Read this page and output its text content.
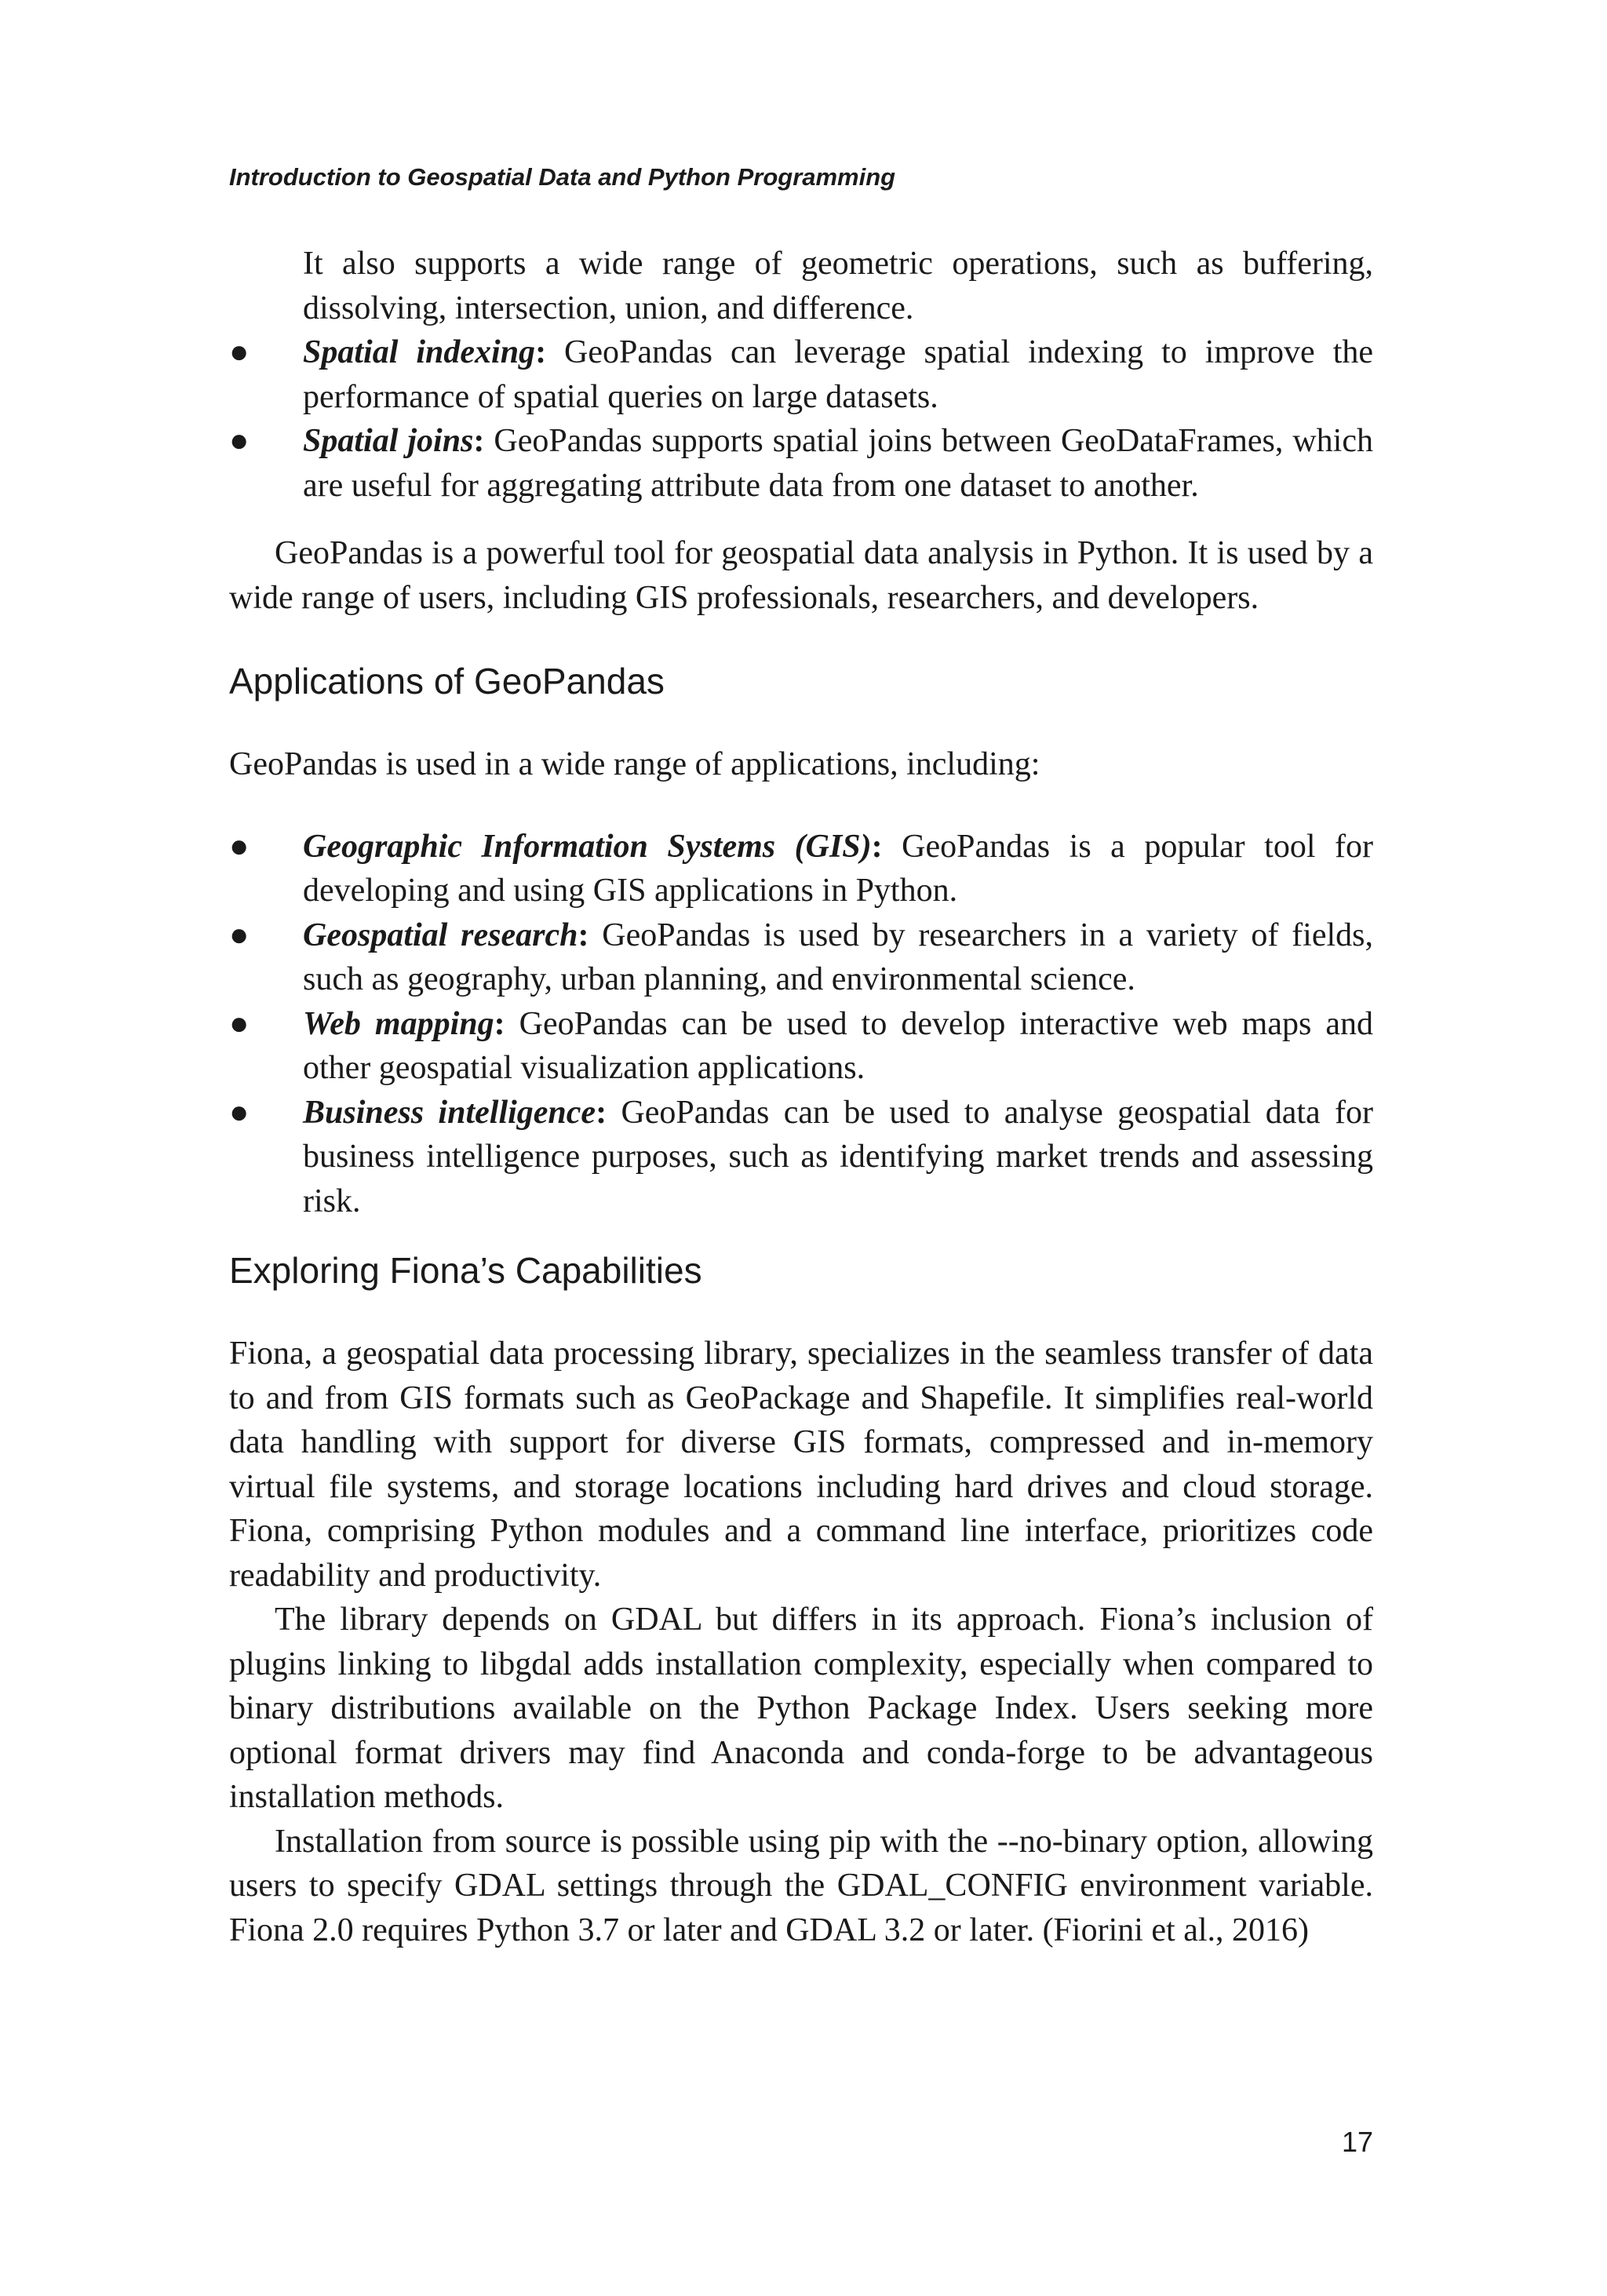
Introduction to Geospatial Data and Python Programming

It also supports a wide range of geometric operations, such as buffering, dissolving, intersection, union, and difference.

● Spatial indexing: GeoPandas can leverage spatial indexing to improve the performance of spatial queries on large datasets.
● Spatial joins: GeoPandas supports spatial joins between GeoDataFrames, which are useful for aggregating attribute data from one dataset to another.

GeoPandas is a powerful tool for geospatial data analysis in Python. It is used by a wide range of users, including GIS professionals, researchers, and developers.

Applications of GeoPandas

GeoPandas is used in a wide range of applications, including:

● Geographic Information Systems (GIS): GeoPandas is a popular tool for developing and using GIS applications in Python.
● Geospatial research: GeoPandas is used by researchers in a variety of fields, such as geography, urban planning, and environmental science.
● Web mapping: GeoPandas can be used to develop interactive web maps and other geospatial visualization applications.
● Business intelligence: GeoPandas can be used to analyse geospatial data for business intelligence purposes, such as identifying market trends and assessing risk.
Exploring Fiona’s Capabilities

Fiona, a geospatial data processing library, specializes in the seamless transfer of data to and from GIS formats such as GeoPackage and Shapefile. It simplifies real-world data handling with support for diverse GIS formats, compressed and in-memory virtual file systems, and storage locations including hard drives and cloud storage. Fiona, comprising Python modules and a command line interface, prioritizes code readability and productivity.

The library depends on GDAL but differs in its approach. Fiona’s inclusion of plugins linking to libgdal adds installation complexity, especially when compared to binary distributions available on the Python Package Index. Users seeking more optional format drivers may find Anaconda and conda-forge to be advantageous installation methods.

Installation from source is possible using pip with the --no-binary option, allowing users to specify GDAL settings through the GDAL_CONFIG environment variable. Fiona 2.0 requires Python 3.7 or later and GDAL 3.2 or later. (Fiorini et al., 2016)

17
